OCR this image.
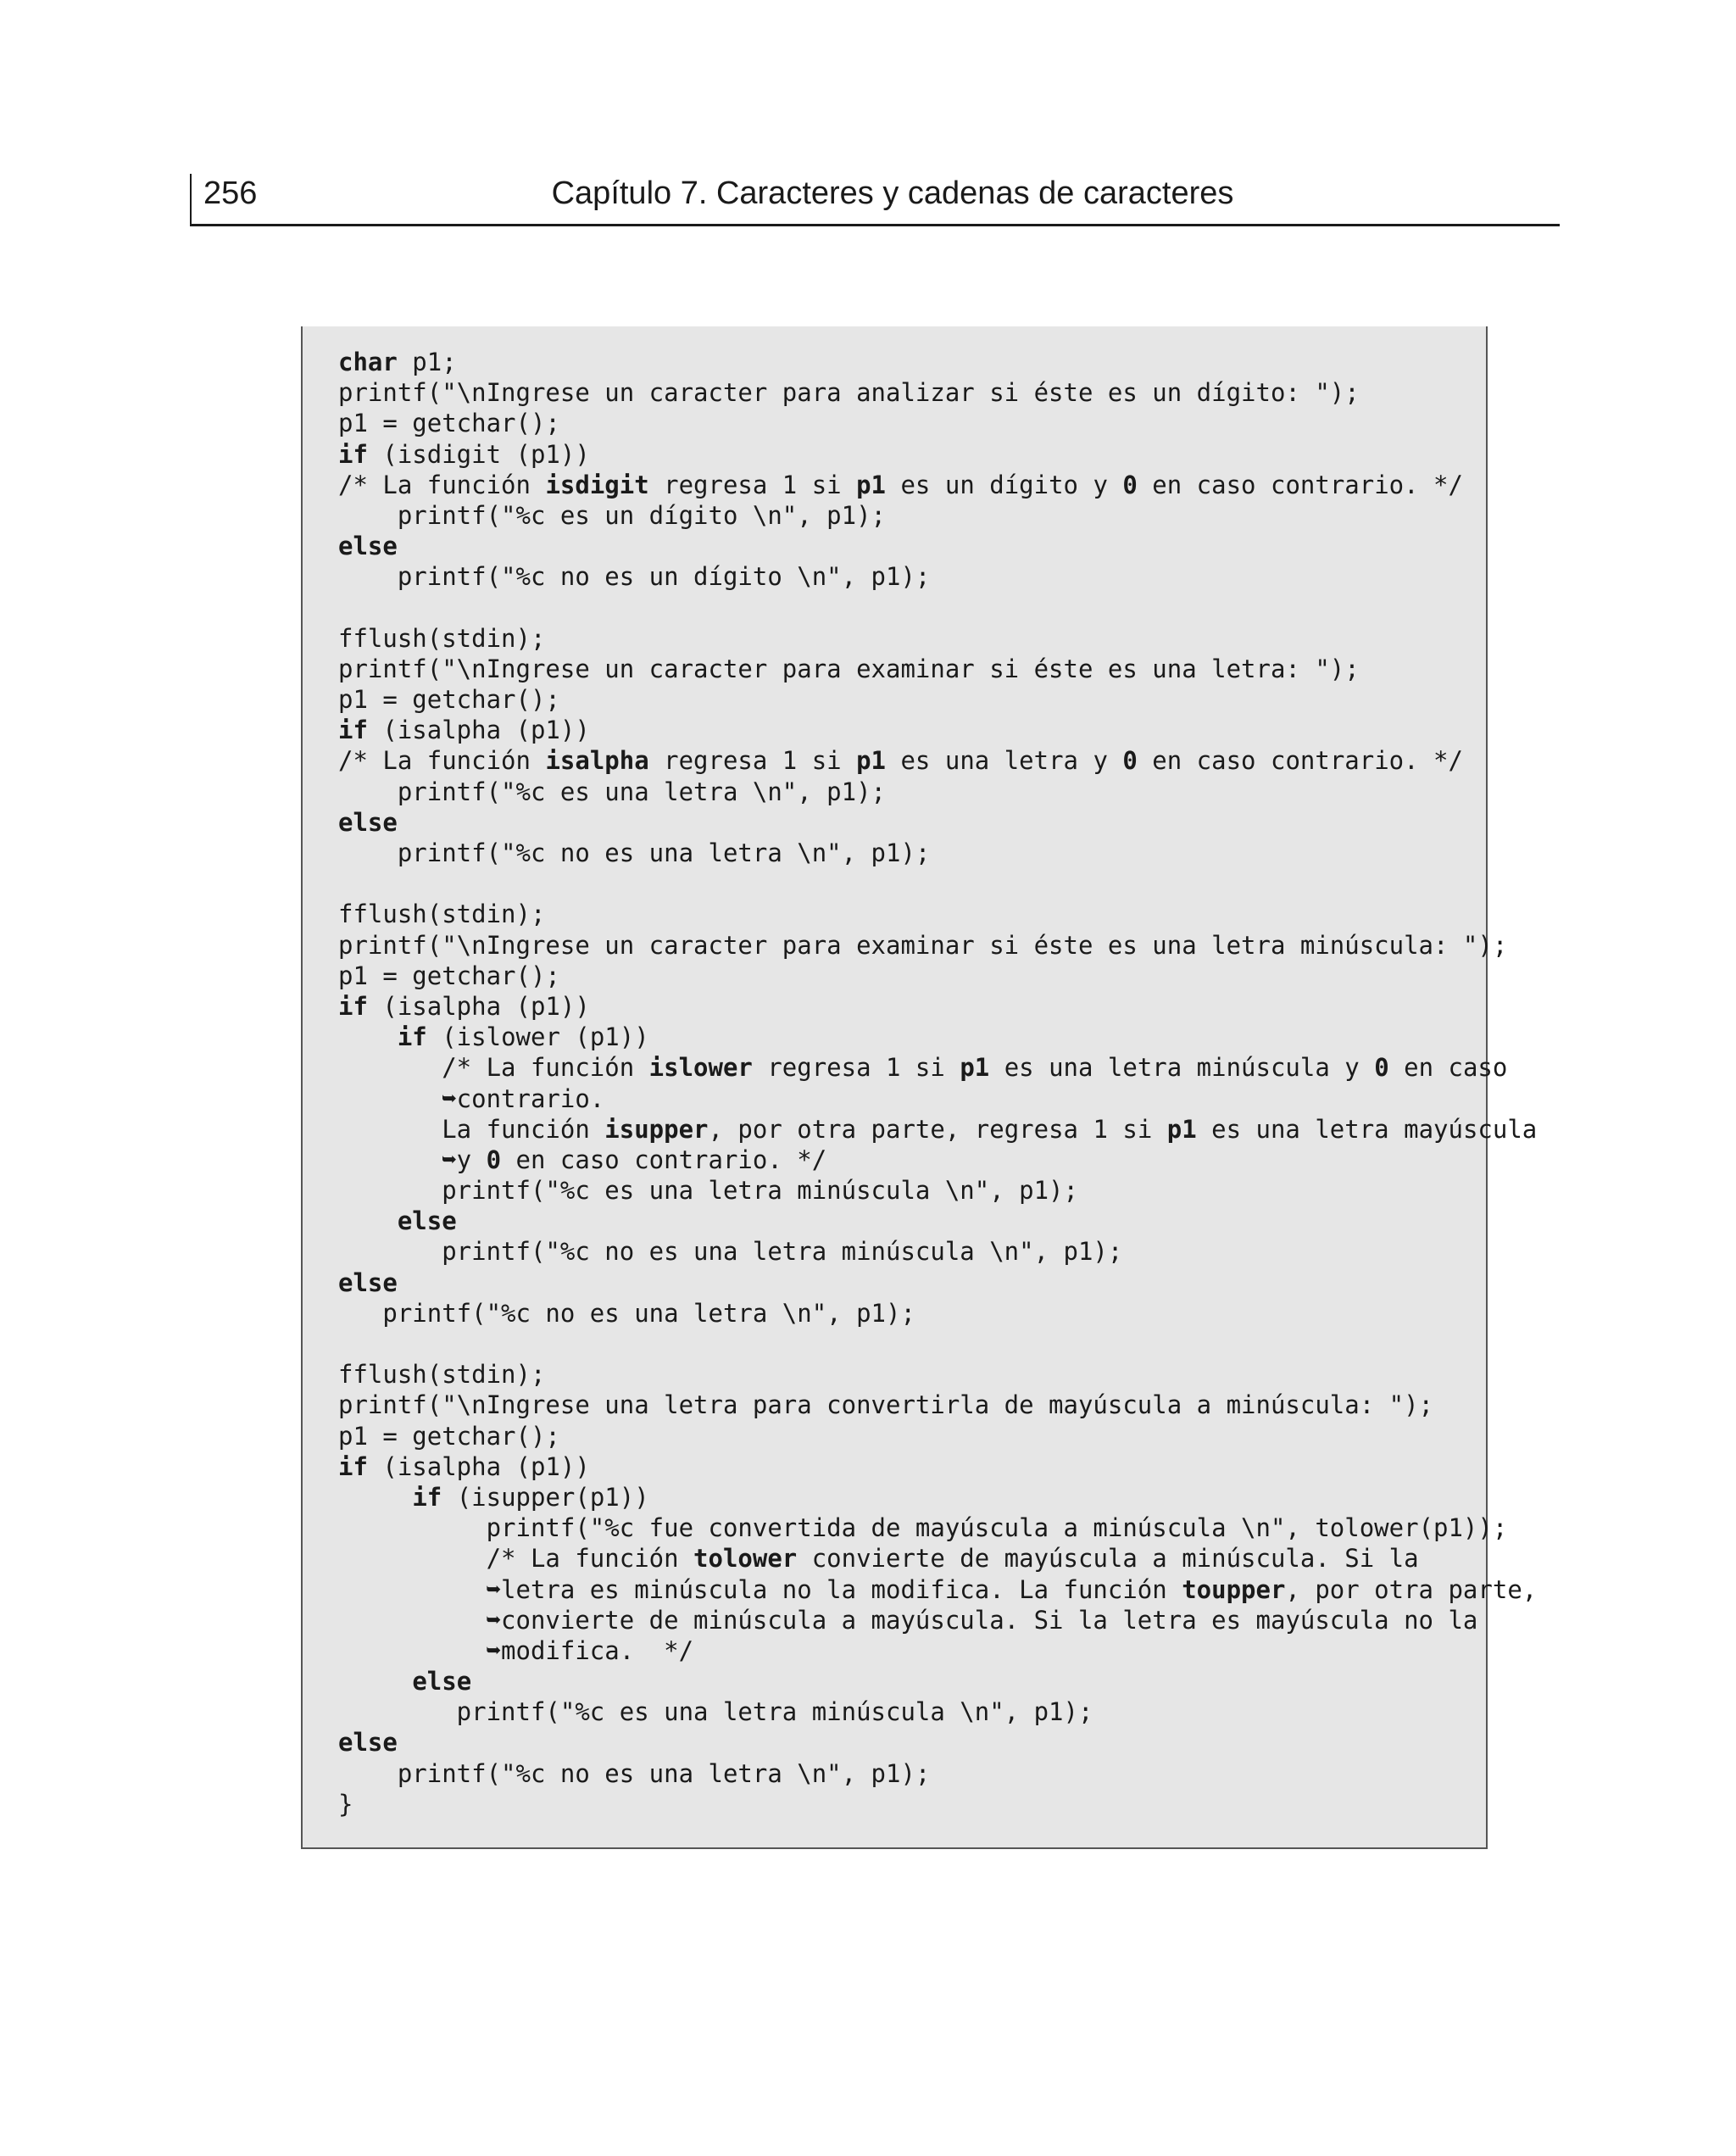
256	Capítulo 7. Caracteres y cadenas de caracteres
char p1;
printf("\nIngrese un caracter para analizar si éste es un dígito: ");
p1 = getchar();
if (isdigit (p1))
/* La función isdigit regresa 1 si p1 es un dígito y 0 en caso contrario. */
printf("%c es un dígito \n", p1);
else
printf("%c no es un dígito \n", p1);

fflush(stdin);
printf("\nIngrese un caracter para examinar si éste es una letra: ");
p1 = getchar();
if (isalpha (p1))
/* La función isalpha regresa 1 si p1 es una letra y 0 en caso contrario. */
printf("%c es una letra \n", p1);
else
printf("%c no es una letra \n", p1);

fflush(stdin);
printf("\nIngrese un caracter para examinar si éste es una letra minúscula: ");
p1 = getchar();
if (isalpha (p1))
if (islower (p1))
/* La función islower regresa 1 si p1 es una letra minúscula y 0 en caso
➥contrario.
La función isupper, por otra parte, regresa 1 si p1 es una letra mayúscula
➥y 0 en caso contrario. */
printf("%c es una letra minúscula \n", p1);
else
printf("%c no es una letra minúscula \n", p1);
else
printf("%c no es una letra \n", p1);

fflush(stdin);
printf("\nIngrese una letra para convertirla de mayúscula a minúscula: ");
p1 = getchar();
if (isalpha (p1))
if (isupper(p1))
printf("%c fue convertida de mayúscula a minúscula \n", tolower(p1));
/* La función tolower convierte de mayúscula a minúscula. Si la
➥letra es minúscula no la modifica. La función toupper, por otra parte,
➥convierte de minúscula a mayúscula. Si la letra es mayúscula no la
➥modifica.  */
else
printf("%c es una letra minúscula \n", p1);
else
printf("%c no es una letra \n", p1);
}
